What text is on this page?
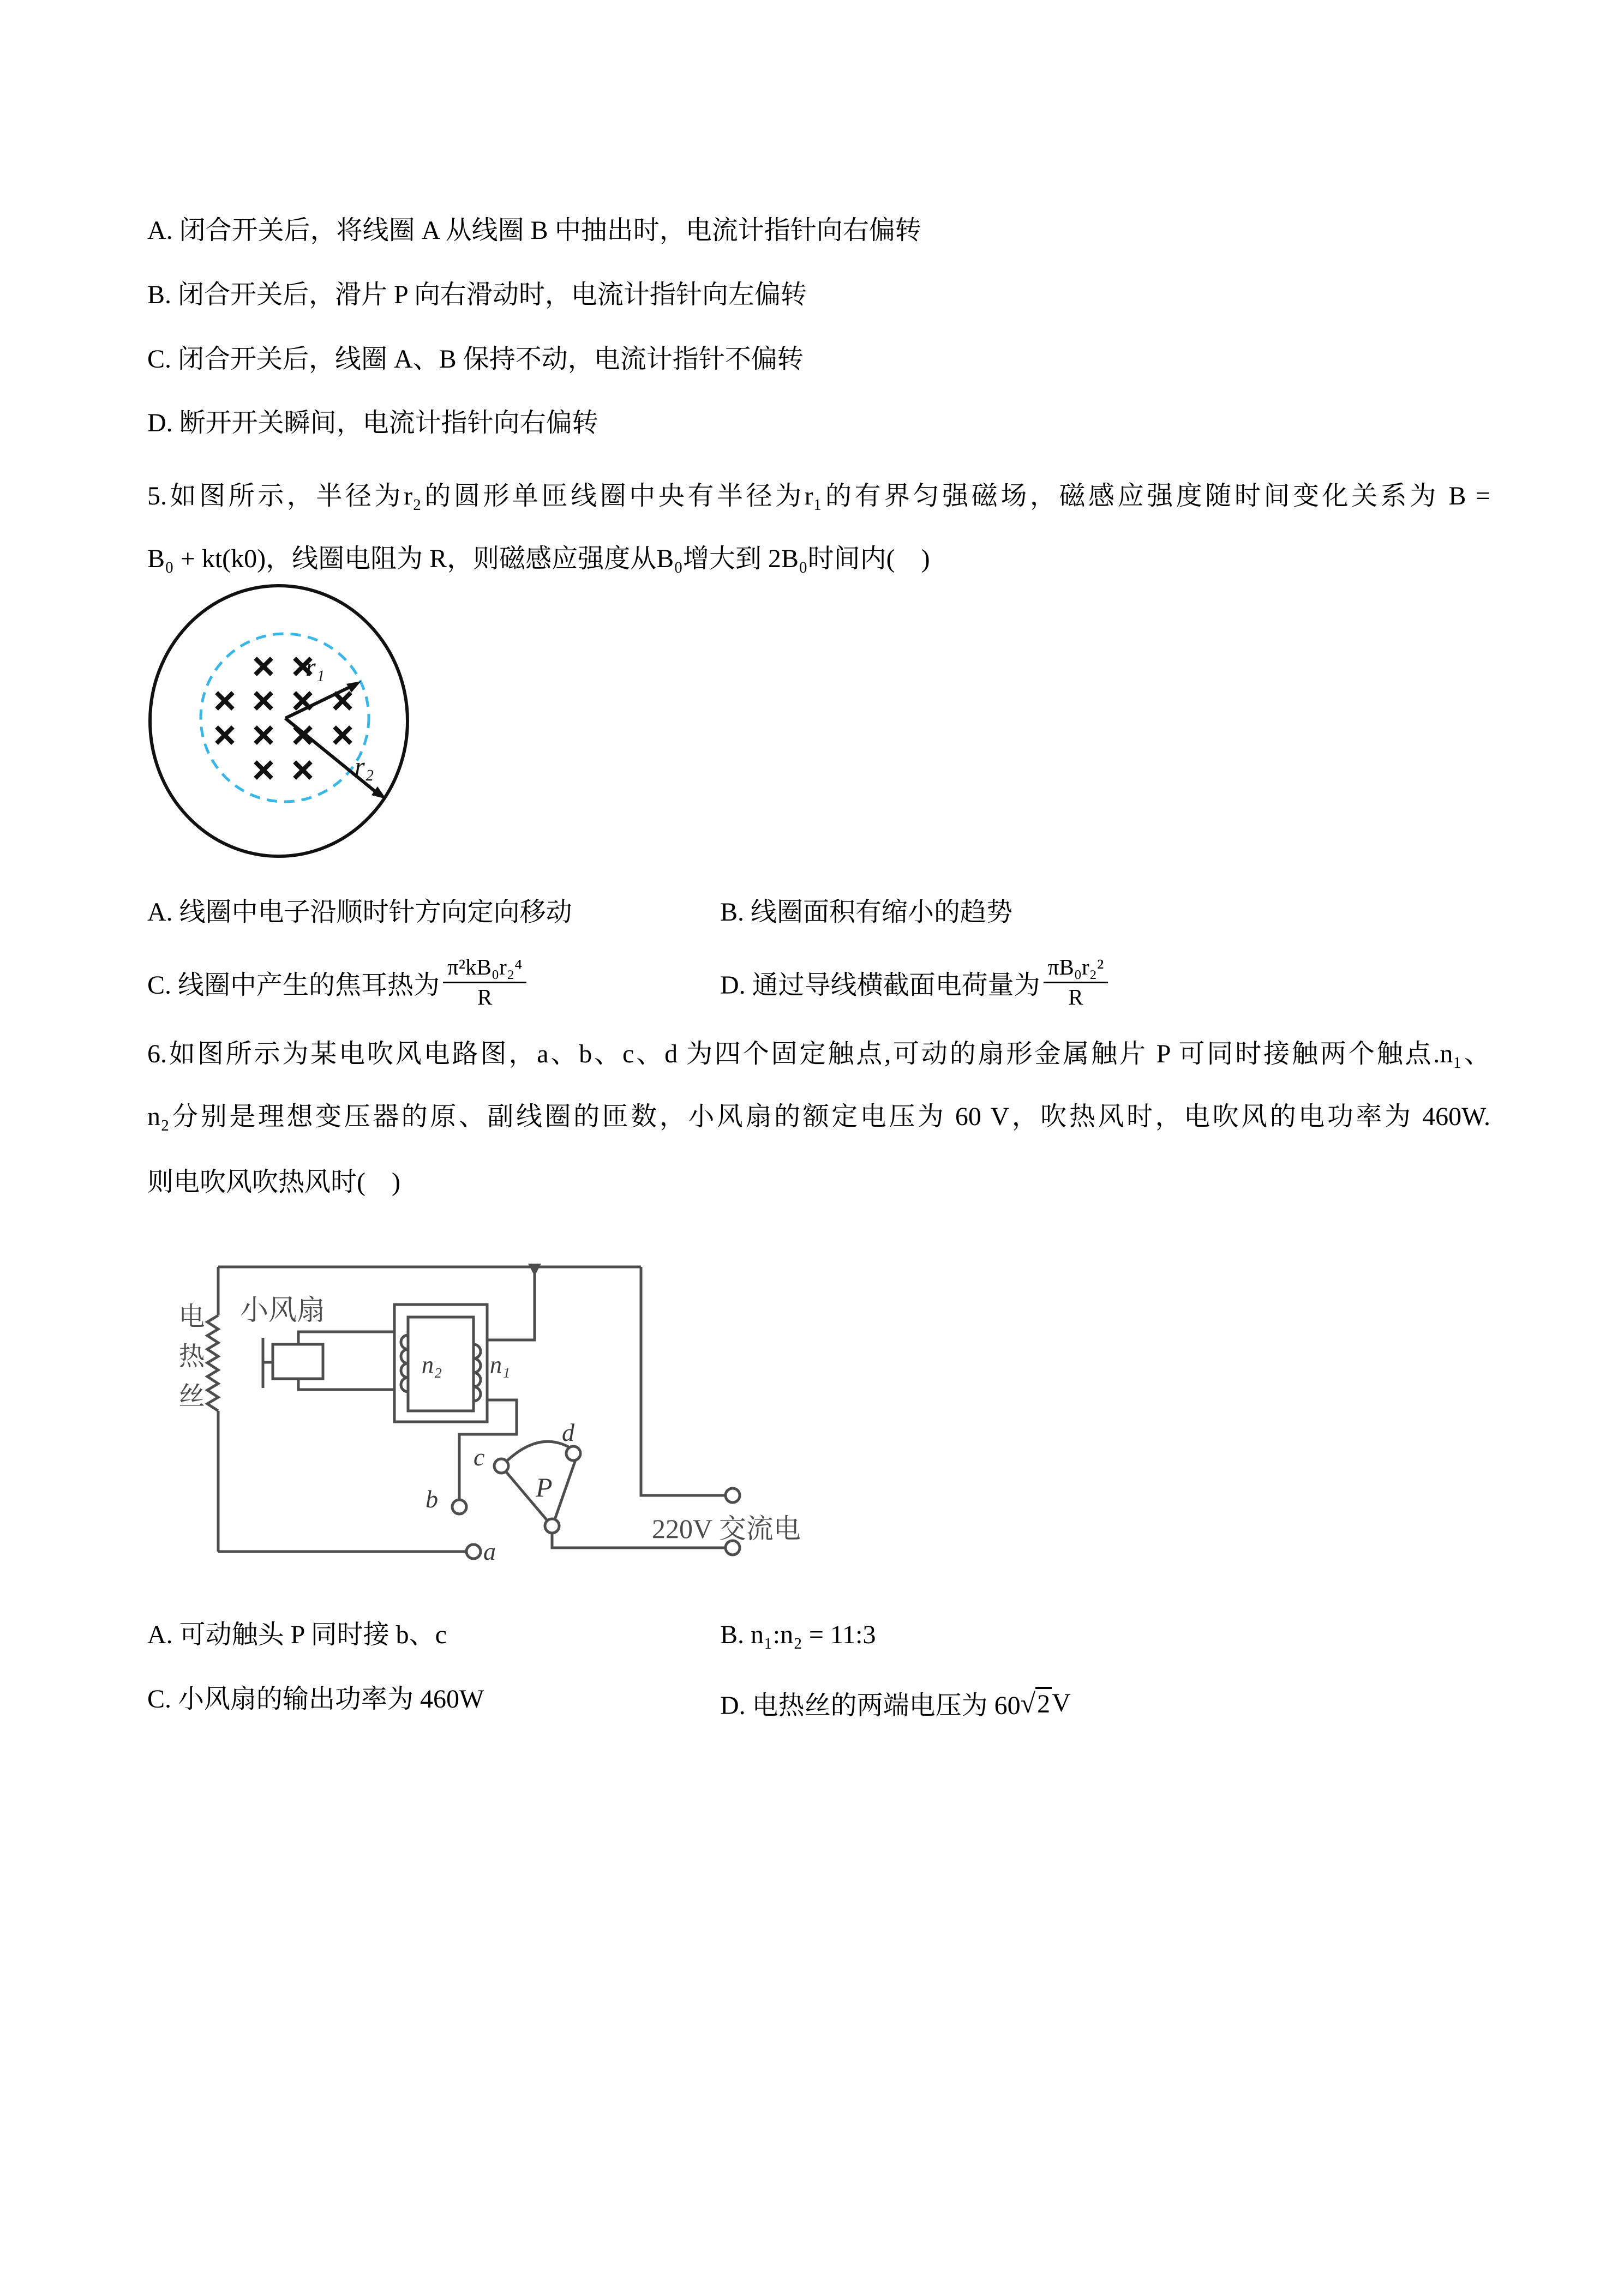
A. 闭合开关后，将线圈 A 从线圈 B 中抽出时，电流计指针向右偏转
B. 闭合开关后，滑片 P 向右滑动时，电流计指针向左偏转
C. 闭合开关后，线圈 A、B 保持不动，电流计指针不偏转
D. 断开开关瞬间，电流计指针向右偏转
5.如图所示，半径为r₂的圆形单匝线圈中央有半径为r₁的有界匀强磁场，磁感应强度随时间变化关系为 B =
B₀ + kt(k0)，线圈电阻为 R，则磁感应强度从B₀增大到 2B₀时间内(　)
r₁
r₂
A. 线圈中电子沿顺时针方向定向移动	B. 线圈面积有缩小的趋势
C. 线圈中产生的焦耳热为 $\frac{\text{π²kB₀r₂⁴}}{R}$	D. 通过导线横截面电荷量为 $\frac{\text{πB₀r₂²}}{R}$
6.如图所示为某电吹风电路图，a、b、c、d 为四个固定触点,可动的扇形金属触片 P 可同时接触两个触点.n₁、
n₂分别是理想变压器的原、副线圈的匝数，小风扇的额定电压为 60 V，吹热风时，电吹风的电功率为 460W.
则电吹风吹热风时(　)
电热丝 小风扇
n₂ n₁
c
d
b	P
a
220V 交流电
A. 可动触头 P 同时接 b、c	B. n₁:n₂ = 11:3
C. 小风扇的输出功率为 460W	D. 电热丝的两端电压为 60 √ 2 V
